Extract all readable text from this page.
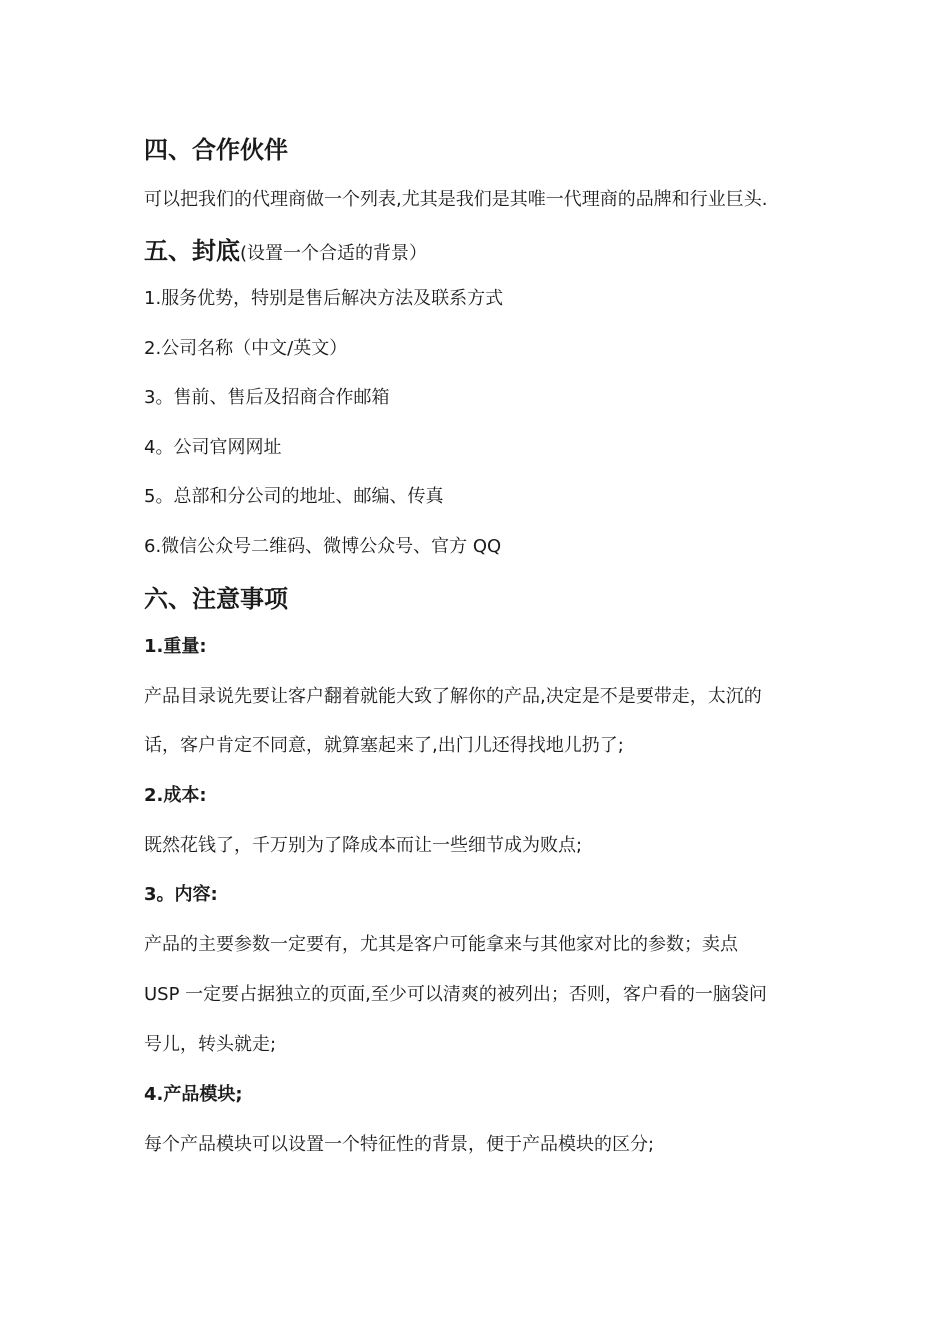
四、合作伙伴
可以把我们的代理商做一个列表,尤其是我们是其唯一代理商的品牌和行业巨头.
五、封底(设置一个合适的背景）
1.服务优势，特别是售后解决方法及联系方式
2.公司名称（中文/英文）
3。售前、售后及招商合作邮箱
4。公司官网网址
5。总部和分公司的地址、邮编、传真
6.微信公众号二维码、微博公众号、官方 QQ
六、注意事项
1.重量:
产品目录说先要让客户翻着就能大致了解你的产品,决定是不是要带走，太沉的
话，客户肯定不同意，就算塞起来了,出门儿还得找地儿扔了;
2.成本:
既然花钱了，千万别为了降成本而让一些细节成为败点;
3。内容:
产品的主要参数一定要有，尤其是客户可能拿来与其他家对比的参数；卖点
USP 一定要占据独立的页面,至少可以清爽的被列出；否则，客户看的一脑袋问
号儿，转头就走;
4.产品模块;
每个产品模块可以设置一个特征性的背景，便于产品模块的区分;
